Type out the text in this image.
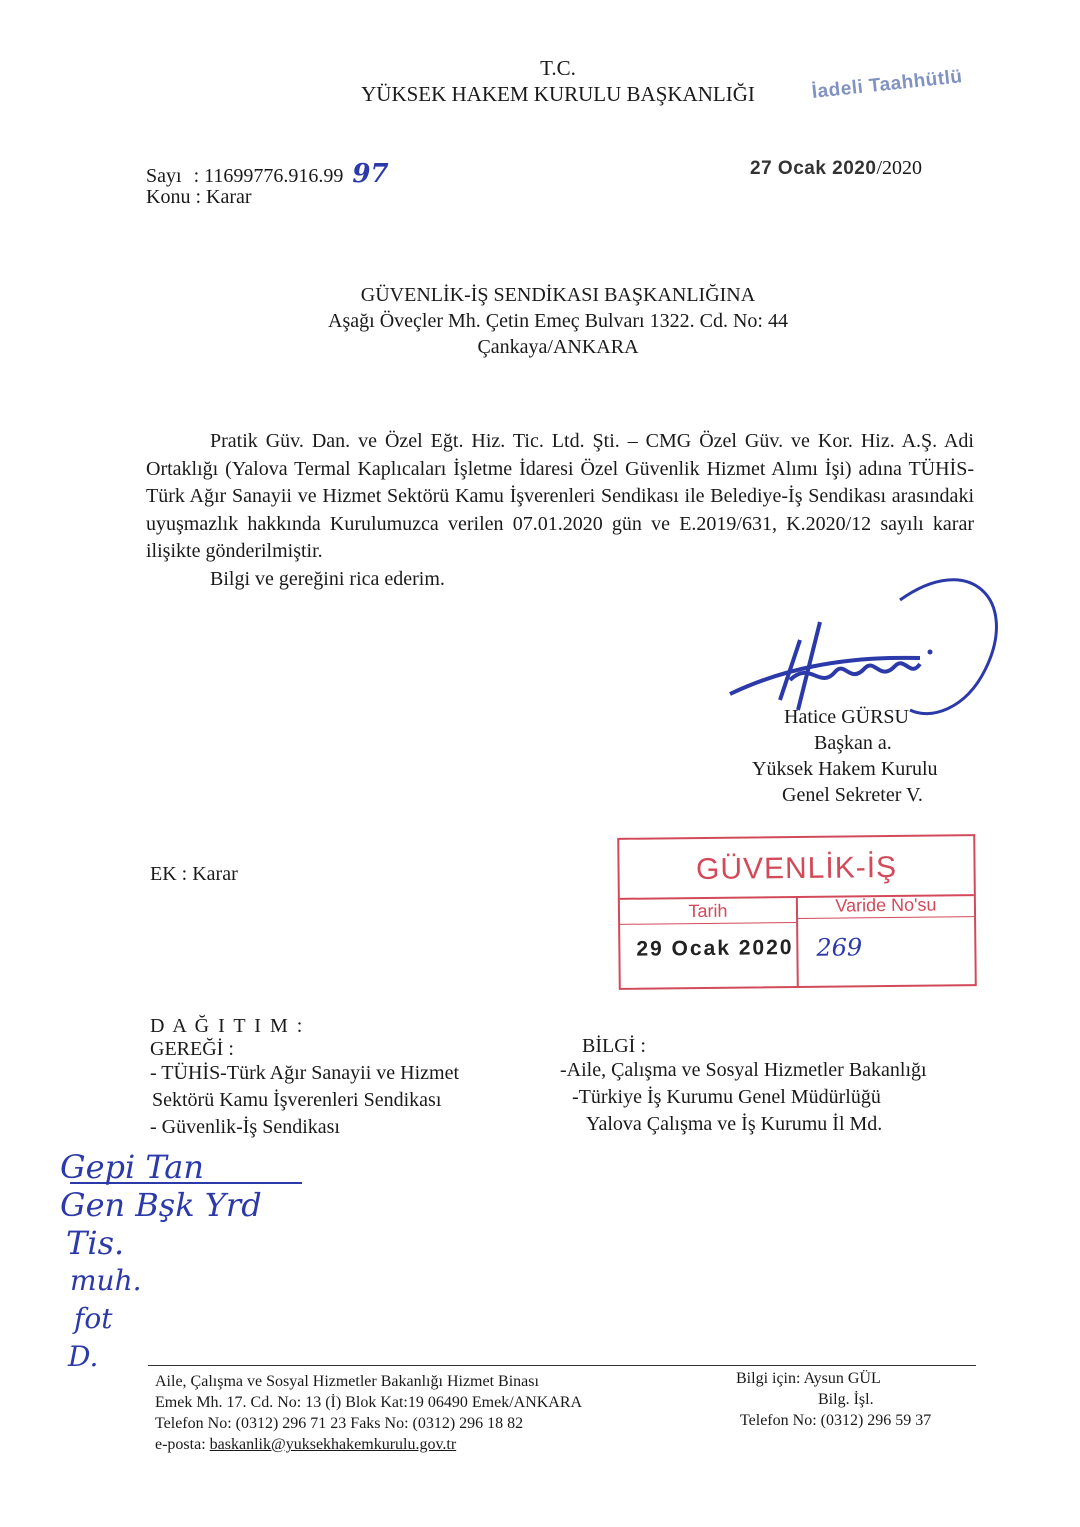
T.C.
YÜKSEK HAKEM KURULU BAŞKANLIĞI	İadeli Taahhütlü
Sayı : 11699776.916.99 97
Konu : Karar
27 Ocak 2020/2020
GÜVENLİK-İŞ SENDİKASI BAŞKANLIĞINA
Aşağı Öveçler Mh. Çetin Emeç Bulvarı 1322. Cd. No: 44
Çankaya/ANKARA

Pratik Güv. Dan. ve Özel Eğt. Hiz. Tic. Ltd. Şti. – CMG Özel Güv. ve Kor. Hiz. A.Ş. Adi Ortaklığı (Yalova Termal Kaplıcaları İşletme İdaresi Özel Güvenlik Hizmet Alımı İşi) adına TÜHİS-Türk Ağır Sanayii ve Hizmet Sektörü Kamu İşverenleri Sendikası ile Belediye-İş Sendikası arasındaki uyuşmazlık hakkında Kurulumuzca verilen 07.01.2020 gün ve E.2019/631, K.2020/12 sayılı karar ilişikte gönderilmiştir.

Bilgi ve gereğini rica ederim.

Hatice GÜRSU
Başkan a.
Yüksek Hakem Kurulu
Genel Sekreter V.
EK : Karar	GÜVENLİK-İŞ
Tarih	Varide No'su
29 Ocak 2020 269
D A Ğ I T I M :
GEREĞİ :
- TÜHİS-Türk Ağır Sanayii ve Hizmet
Sektörü Kamu İşverenleri Sendikası
- Güvenlik-İş Sendikası
BİLGİ :
-Aile, Çalışma ve Sosyal Hizmetler Bakanlığı
-Türkiye İş Kurumu Genel Müdürlüğü
Yalova Çalışma ve İş Kurumu İl Md.
Gepi Tan
Gen Bşk Yrd
Tis.
muh.
fot
D.
Aile, Çalışma ve Sosyal Hizmetler Bakanlığı Hizmet Binası
Emek Mh. 17. Cd. No: 13 (İ) Blok Kat:19 06490 Emek/ANKARA
Telefon No: (0312) 296 71 23 Faks No: (0312) 296 18 82
e-posta: baskanlik@yuksekhakemkurulu.gov.tr
Bilgi için: Aysun GÜL
Bilg. İşl.
Telefon No: (0312) 296 59 37
